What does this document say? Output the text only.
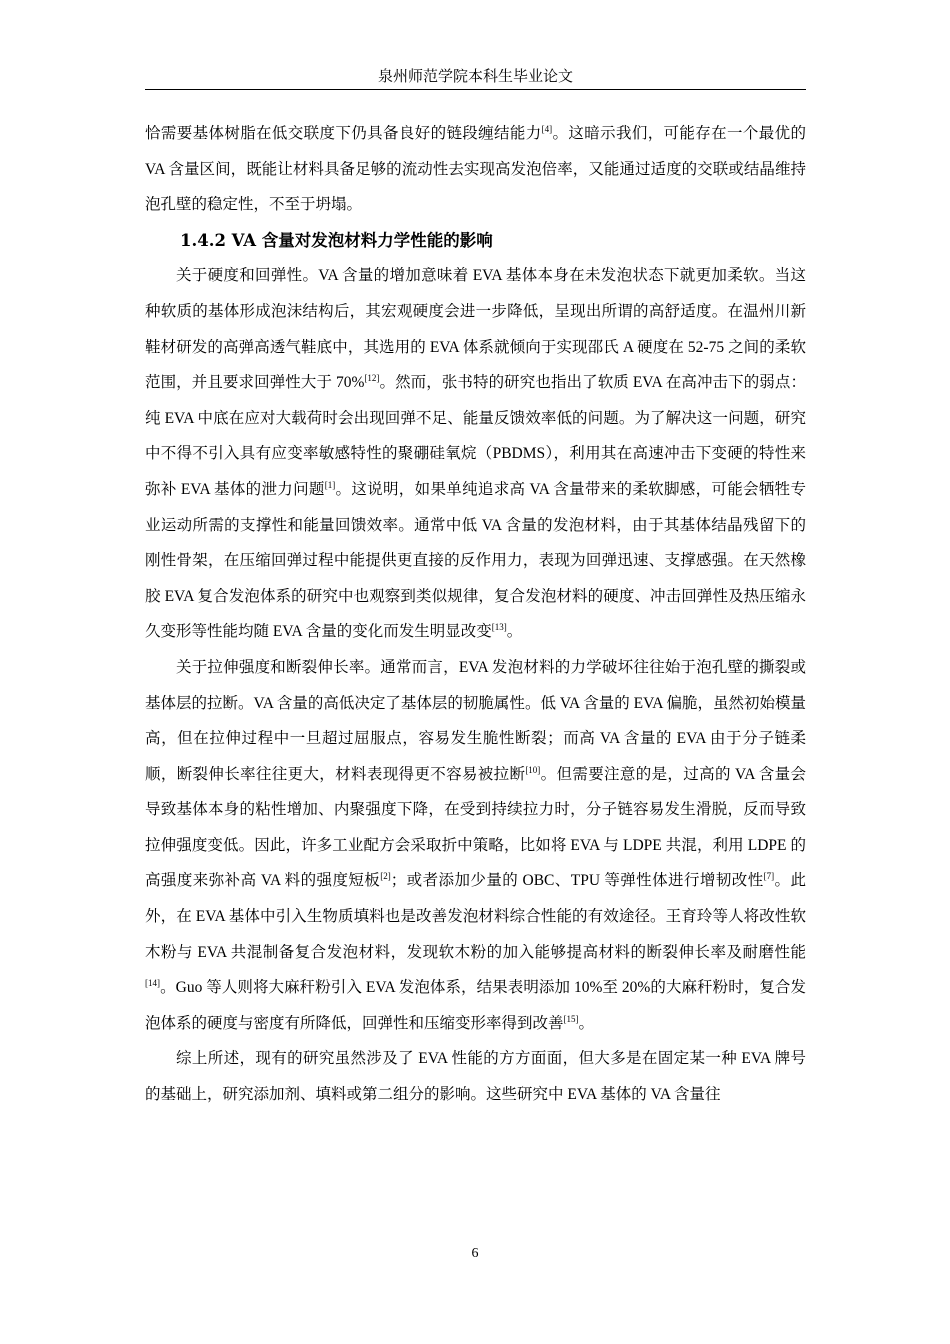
泉州师范学院本科生毕业论文

恰需要基体树脂在低交联度下仍具备良好的链段缠结能力[4]。这暗示我们，可能存在一个最优的 VA 含量区间，既能让材料具备足够的流动性去实现高发泡倍率，又能通过适度的交联或结晶维持泡孔壁的稳定性，不至于坍塌。

1.4.2 VA 含量对发泡材料力学性能的影响

关于硬度和回弹性。VA 含量的增加意味着 EVA 基体本身在未发泡状态下就更加柔软。当这种软质的基体形成泡沫结构后，其宏观硬度会进一步降低，呈现出所谓的高舒适度。在温州川新鞋材研发的高弹高透气鞋底中，其选用的 EVA 体系就倾向于实现邵氏 A 硬度在 52-75 之间的柔软范围，并且要求回弹性大于 70%[12]。然而，张书特的研究也指出了软质 EVA 在高冲击下的弱点：纯 EVA 中底在应对大载荷时会出现回弹不足、能量反馈效率低的问题。为了解决这一问题，研究中不得不引入具有应变率敏感特性的聚硼硅氧烷（PBDMS），利用其在高速冲击下变硬的特性来弥补 EVA 基体的泄力问题[1]。这说明，如果单纯追求高 VA 含量带来的柔软脚感，可能会牺牲专业运动所需的支撑性和能量回馈效率。通常中低 VA 含量的发泡材料，由于其基体结晶残留下的刚性骨架，在压缩回弹过程中能提供更直接的反作用力，表现为回弹迅速、支撑感强。在天然橡胶 EVA 复合发泡体系的研究中也观察到类似规律，复合发泡材料的硬度、冲击回弹性及热压缩永久变形等性能均随 EVA 含量的变化而发生明显改变[13]。

关于拉伸强度和断裂伸长率。通常而言，EVA 发泡材料的力学破坏往往始于泡孔壁的撕裂或基体层的拉断。VA 含量的高低决定了基体层的韧脆属性。低 VA 含量的 EVA 偏脆，虽然初始模量高，但在拉伸过程中一旦超过屈服点，容易发生脆性断裂；而高 VA 含量的 EVA 由于分子链柔顺，断裂伸长率往往更大，材料表现得更不容易被拉断[10]。但需要注意的是，过高的 VA 含量会导致基体本身的粘性增加、内聚强度下降，在受到持续拉力时，分子链容易发生滑脱，反而导致拉伸强度变低。因此，许多工业配方会采取折中策略，比如将 EVA 与 LDPE 共混，利用 LDPE 的高强度来弥补高 VA 料的强度短板[2]；或者添加少量的 OBC、TPU 等弹性体进行增韧改性[7]。此外，在 EVA 基体中引入生物质填料也是改善发泡材料综合性能的有效途径。王育玲等人将改性软木粉与 EVA 共混制备复合发泡材料，发现软木粉的加入能够提高材料的断裂伸长率及耐磨性能[14]。Guo 等人则将大麻秆粉引入 EVA 发泡体系，结果表明添加 10%至 20%的大麻秆粉时，复合发泡体系的硬度与密度有所降低，回弹性和压缩变形率得到改善[15]。

综上所述，现有的研究虽然涉及了 EVA 性能的方方面面，但大多是在固定某一种 EVA 牌号的基础上，研究添加剂、填料或第二组分的影响。这些研究中 EVA 基体的 VA 含量往

6
